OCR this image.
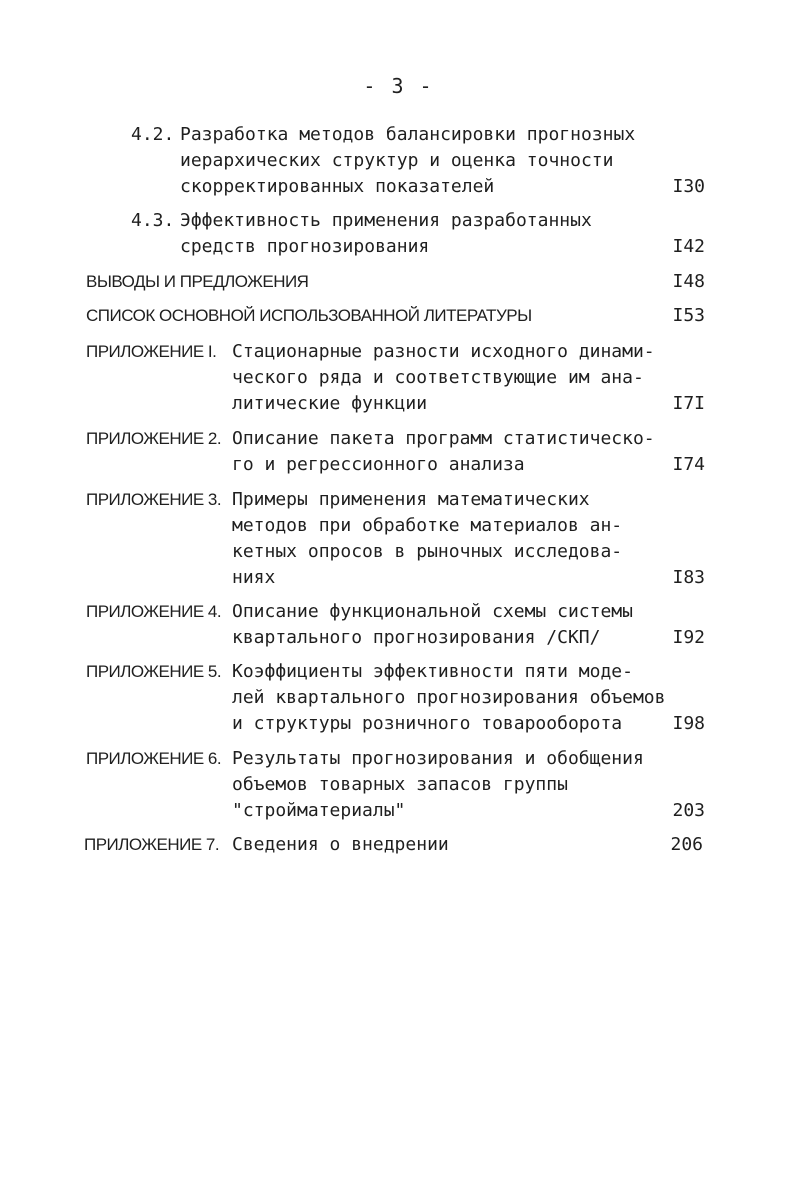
- 3 -
4.2. Разработка методов балансировки прогнозных
иерархических структур и оценка точности
скорректированных показателей	I30
4.3. Эффективность применения разработанных
средств прогнозирования	I42
ВЫВОДЫ И ПРЕДЛОЖЕНИЯ	I48
СПИСОК ОСНОВНОЙ ИСПОЛЬЗОВАННОЙ ЛИТЕРАТУРЫ	I53
ПРИЛОЖЕНИЕ I. Стационарные разности исходного динами-
ческого ряда и соответствующие им ана-
литические функции	I7I
ПРИЛОЖЕНИЕ 2. Описание пакета программ статистическо-
го и регрессионного анализа	I74
ПРИЛОЖЕНИЕ 3. Примеры применения математических
методов при обработке материалов ан-
кетных опросов в рыночных исследова-
ниях	I83
ПРИЛОЖЕНИЕ 4. Описание функциональной схемы системы
квартального прогнозирования /СКП/	I92
ПРИЛОЖЕНИЕ 5. Коэффициенты эффективности пяти моде-
лей квартального прогнозирования объемов
и структуры розничного товарооборота	I98
ПРИЛОЖЕНИЕ 6. Результаты прогнозирования и обобщения
объемов товарных запасов группы
"стройматериалы"	203
ПРИЛОЖЕНИЕ 7. Сведения о внедрении	206
